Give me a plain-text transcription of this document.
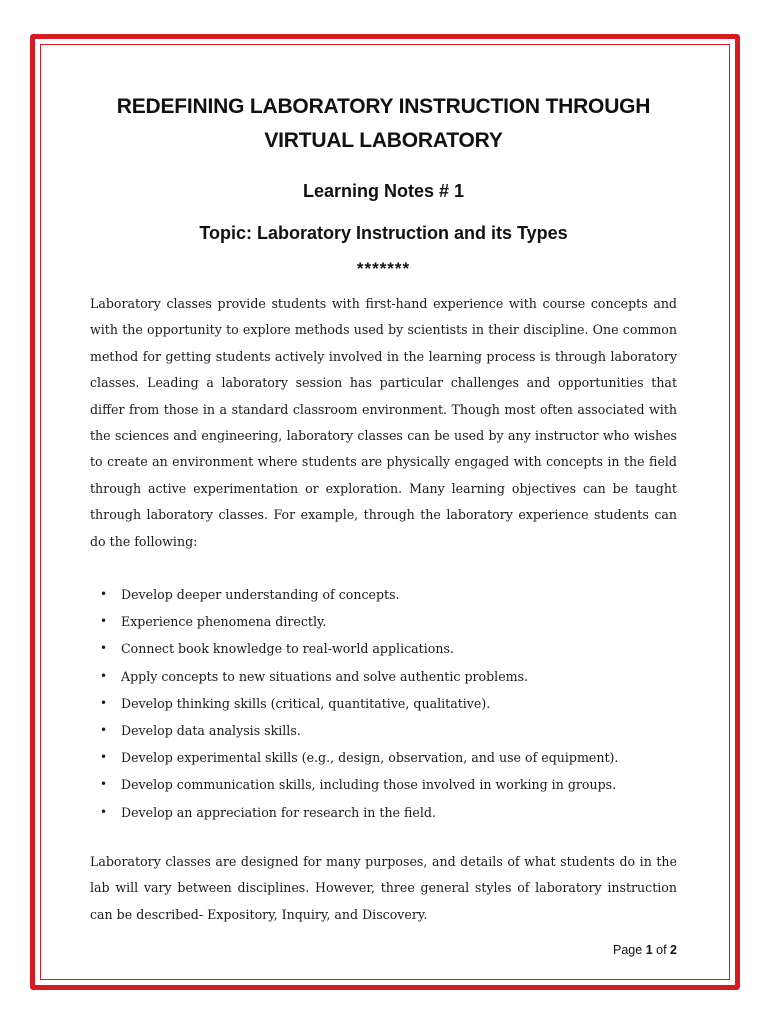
REDEFINING LABORATORY INSTRUCTION THROUGH
VIRTUAL LABORATORY
Learning Notes # 1
Topic: Laboratory Instruction and its Types
*******

Laboratory classes provide students with first-hand experience with course concepts and with the opportunity to explore methods used by scientists in their discipline. One common method for getting students actively involved in the learning process is through laboratory classes. Leading a laboratory session has particular challenges and opportunities that differ from those in a standard classroom environment. Though most often associated with the sciences and engineering, laboratory classes can be used by any instructor who wishes to create an environment where students are physically engaged with concepts in the field through active experimentation or exploration. Many learning objectives can be taught through laboratory classes. For example, through the laboratory experience students can do the following:

• Develop deeper understanding of concepts.
• Experience phenomena directly.
• Connect book knowledge to real-world applications.
• Apply concepts to new situations and solve authentic problems.
• Develop thinking skills (critical, quantitative, qualitative).
• Develop data analysis skills.
• Develop experimental skills (e.g., design, observation, and use of equipment).
• Develop communication skills, including those involved in working in groups.
• Develop an appreciation for research in the field.

Laboratory classes are designed for many purposes, and details of what students do in the lab will vary between disciplines. However, three general styles of laboratory instruction can be described- Expository, Inquiry, and Discovery.

Page 1 of 2
